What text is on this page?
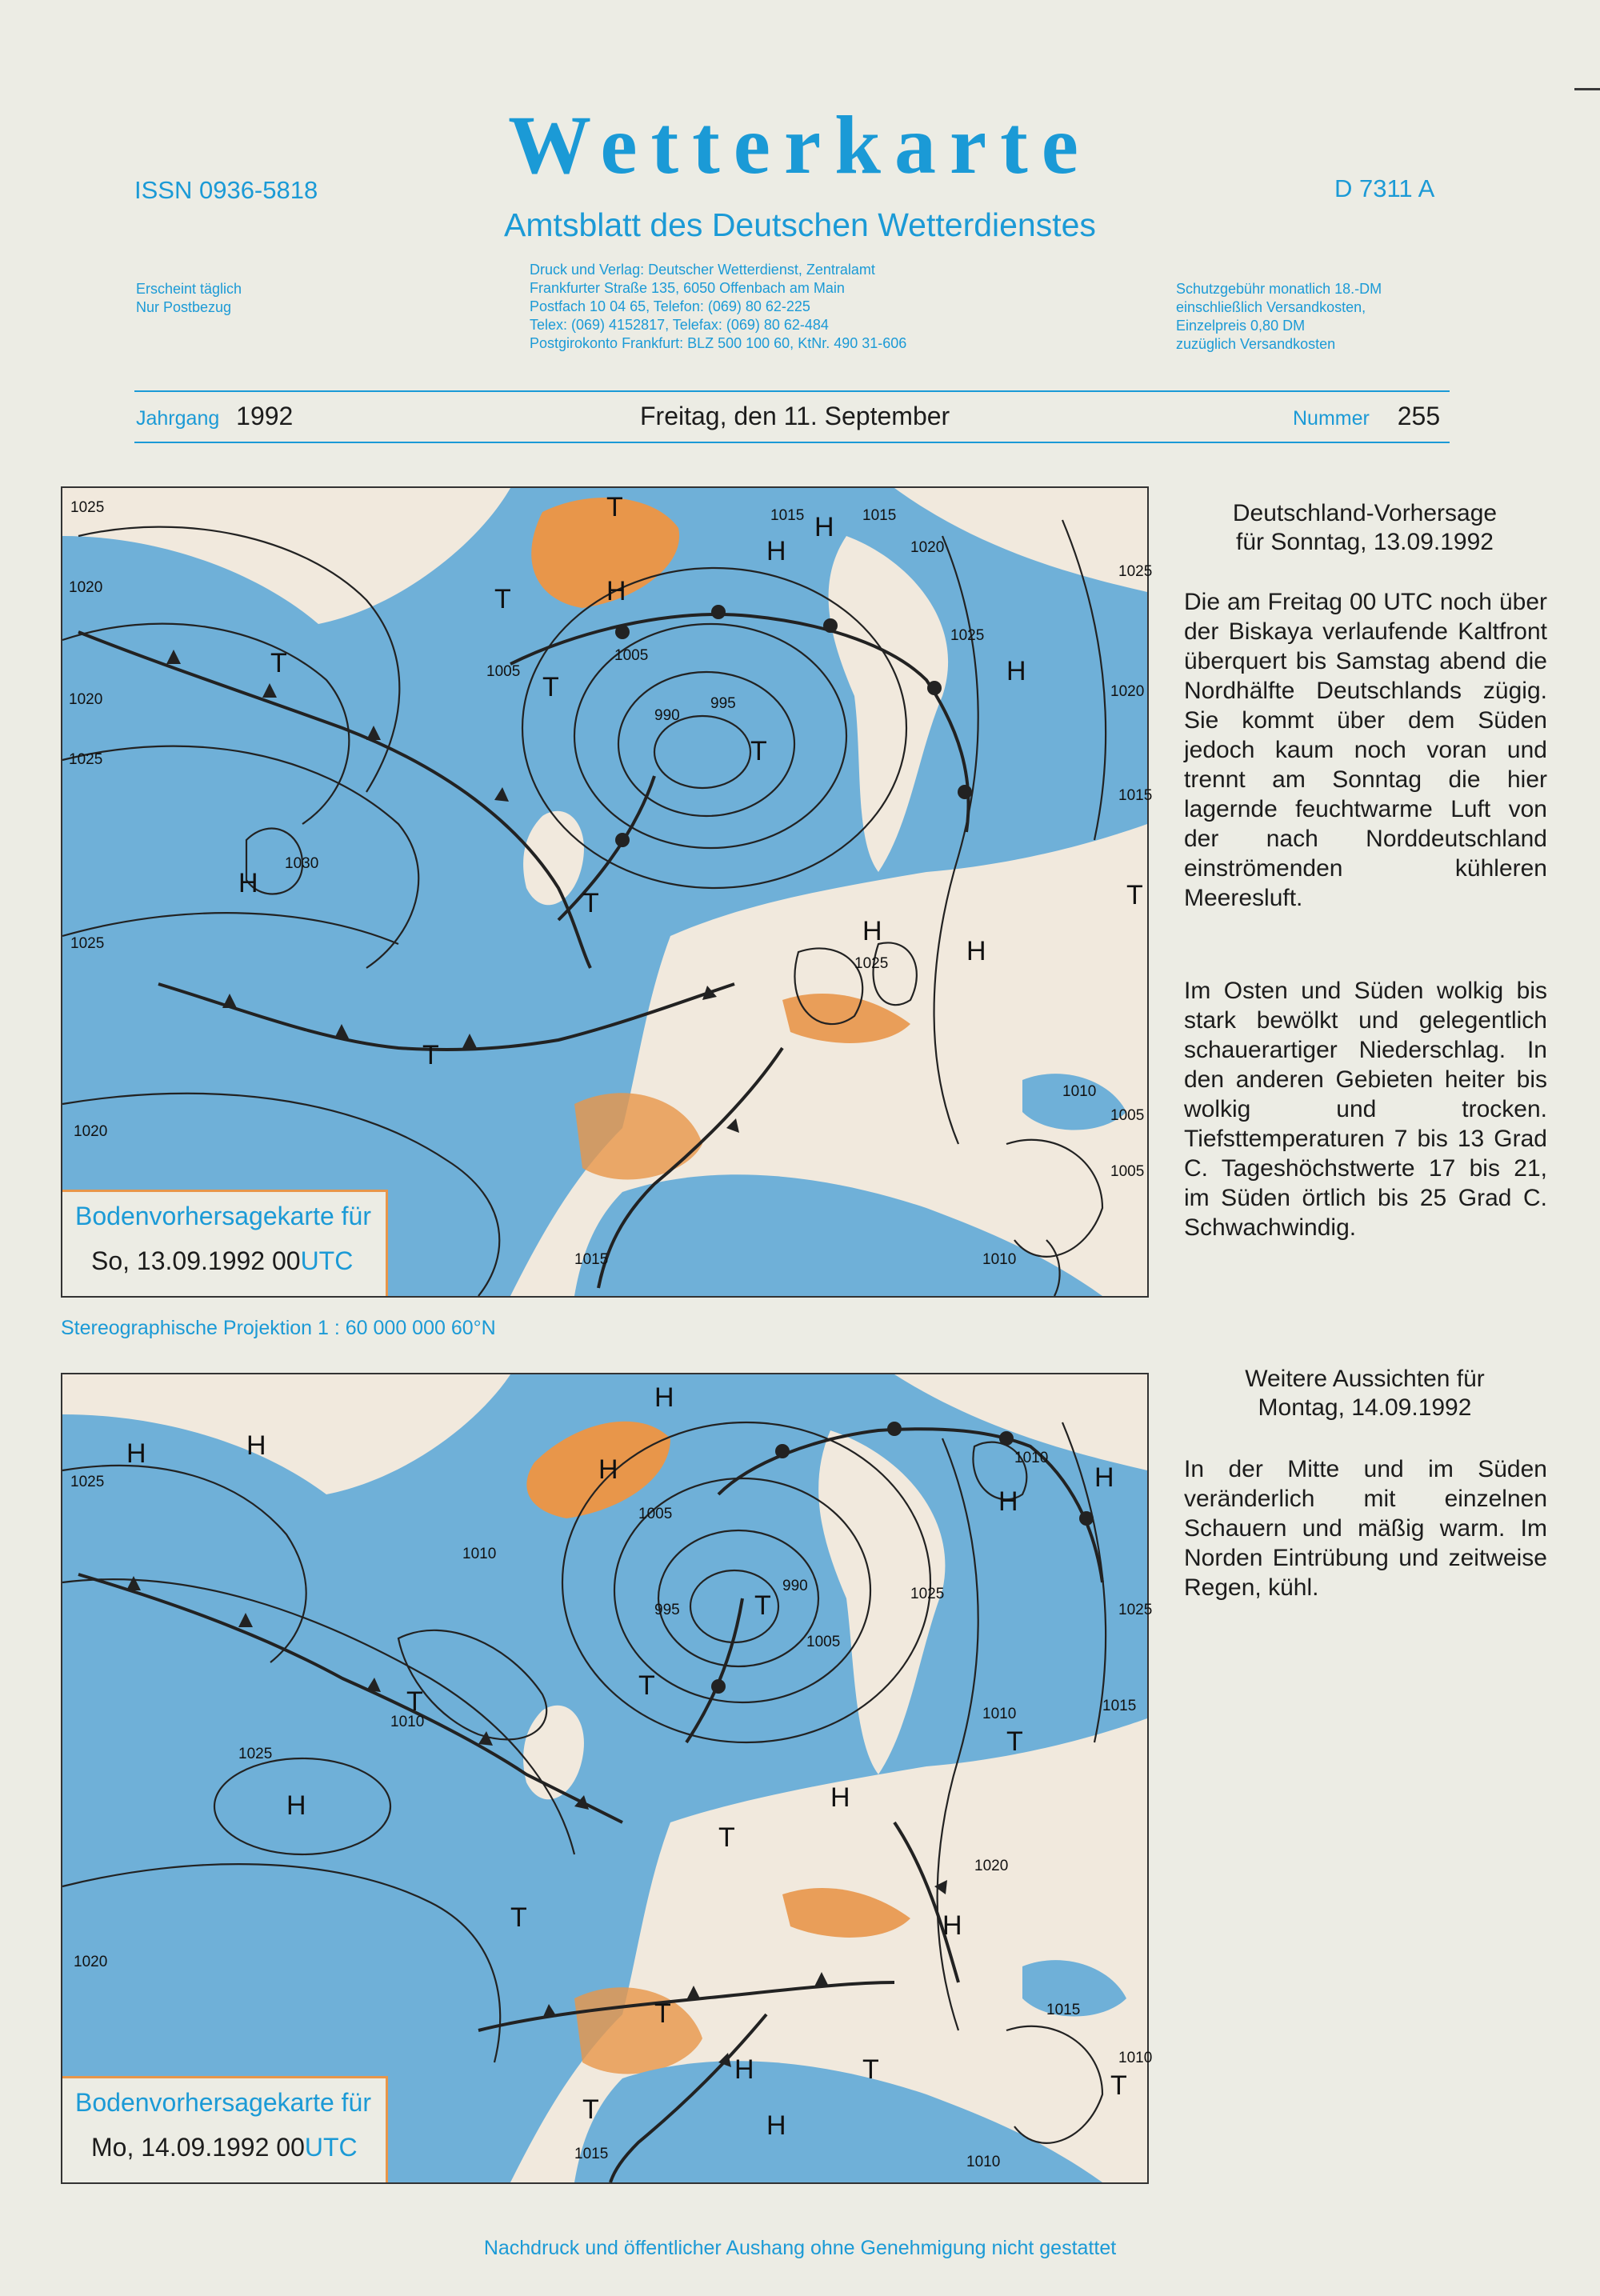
Wetterkarte
Amtsblatt des Deutschen Wetterdienstes
ISSN 0936-5818	D 7311 A
Druck und Verlag: Deutscher Wetterdienst, Zentralamt
Frankfurter Straße 135, 6050 Offenbach am Main
Postfach 10 04 65, Telefon: (069) 80 62-225
Telex: (069) 4152817, Telefax: (069) 80 62-484
Postgirokonto Frankfurt: BLZ 500 100 60, KtNr. 490 31-606
Erscheint täglich
Nur Postbezug
Schutzgebühr monatlich 18.-DM
einschließlich Versandkosten,
Einzelpreis 0,80 DM
zuzüglich Versandkosten
Jahrgang 1992	Freitag, den 11. September	Nummer 255
H
H
H
H
H
H
H
T
T
T
T
T
T
T
T
1025
1020
1020
1025
1030
1025
1020
1005
1005
990
995
1015	1015
1020
1025
1025
1020
1015
1010
1005
1005
1015	1010
1025
Bodenvorhersagekarte für
So, 13.09.1992 00UTC
Stereographische Projektion 1 : 60 000 000 60°N
H	H
H
H
H
H
H
H
H
H
H
T
T
T
T
T
T
T
T
T
T
1025
1010
1005
995
990
1005
1010
1025
1020
1025
1010
1010	1015
1025
1020
1015
1010
1015	1010
Bodenvorhersagekarte für
Mo, 14.09.1992 00UTC
Deutschland-Vorhersage
für Sonntag, 13.09.1992
Die am Freitag 00 UTC noch über der Biskaya verlaufende Kaltfront überquert bis Samstag abend die Nordhälfte Deutschlands zügig. Sie kommt über dem Süden jedoch kaum noch voran und trennt am Sonntag die hier lagernde feuchtwarme Luft von der nach Norddeutschland einströmenden kühleren Meeresluft.
Im Osten und Süden wolkig bis stark bewölkt und gelegentlich schauerartiger Niederschlag. In den anderen Gebieten heiter bis wolkig und trocken. Tiefsttemperaturen 7 bis 13 Grad C. Tageshöchstwerte 17 bis 21, im Süden örtlich bis 25 Grad C. Schwachwindig.
Weitere Aussichten für
Montag, 14.09.1992
In der Mitte und im Süden veränderlich mit einzelnen Schauern und mäßig warm. Im Norden Eintrübung und zeitweise Regen, kühl.
Nachdruck und öffentlicher Aushang ohne Genehmigung nicht gestattet
